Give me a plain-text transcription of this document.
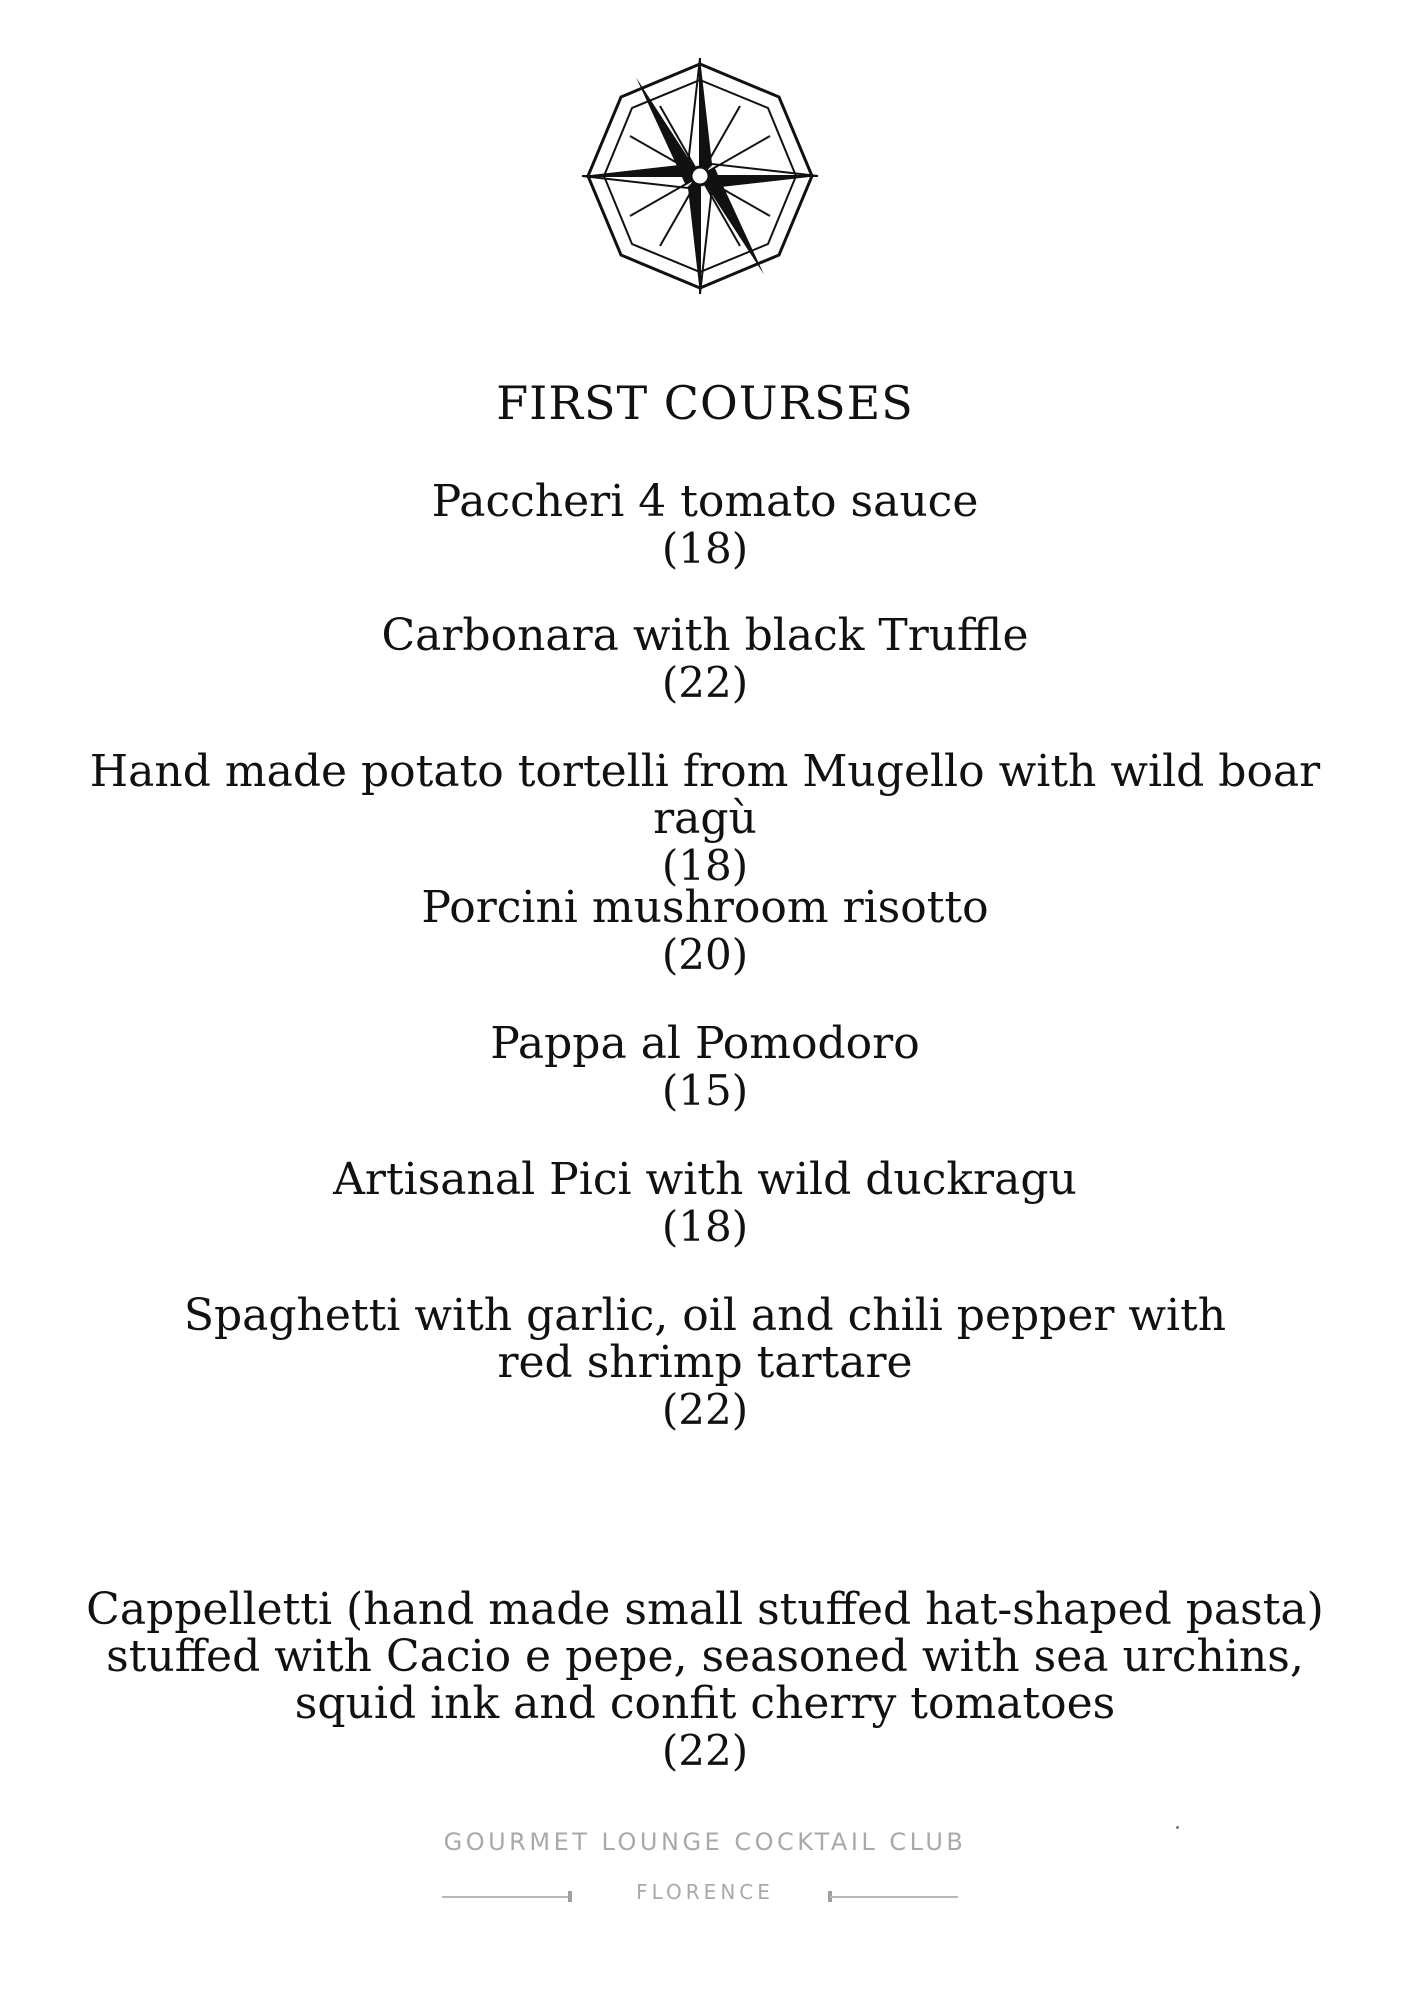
FIRST COURSES
Paccheri 4 tomato sauce
(18)
Carbonara with black Truffle
(22)
Hand made potato tortelli from Mugello with wild boar ragù
(18)
Porcini mushroom risotto
(20)
Pappa al Pomodoro
(15)
Artisanal Pici with wild duckragu
(18)
Spaghetti with garlic, oil and chili pepper with red shrimp tartare
(22)
Cappelletti (hand made small stuffed hat-shaped pasta) stuffed with Cacio e pepe, seasoned with sea urchins, squid ink and confit cherry tomatoes
(22)
GOURMET LOUNGE COCKTAIL CLUB
FLORENCE
